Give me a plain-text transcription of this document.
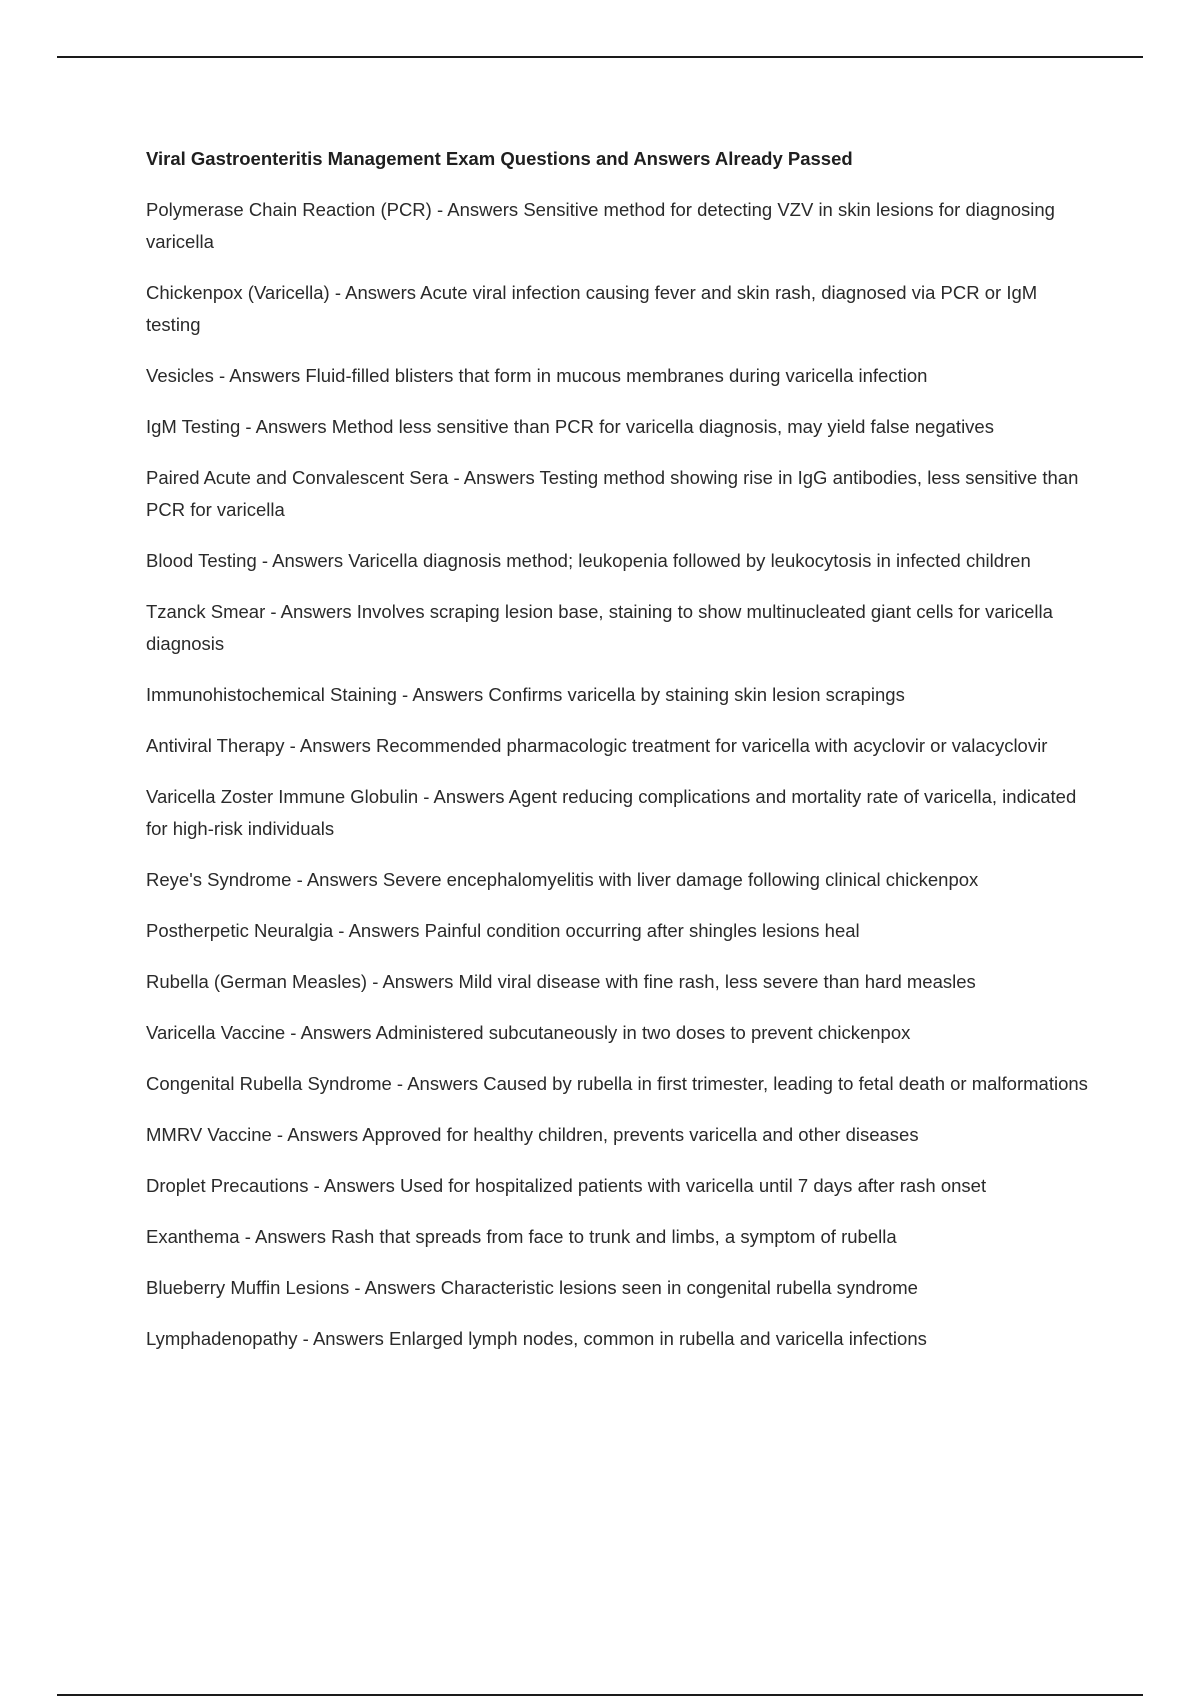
Viral Gastroenteritis Management Exam Questions and Answers Already Passed

Polymerase Chain Reaction (PCR) - Answers Sensitive method for detecting VZV in skin lesions for diagnosing varicella

Chickenpox (Varicella) - Answers Acute viral infection causing fever and skin rash, diagnosed via PCR or IgM testing

Vesicles - Answers Fluid-filled blisters that form in mucous membranes during varicella infection

IgM Testing - Answers Method less sensitive than PCR for varicella diagnosis, may yield false negatives

Paired Acute and Convalescent Sera - Answers Testing method showing rise in IgG antibodies, less sensitive than PCR for varicella

Blood Testing - Answers Varicella diagnosis method; leukopenia followed by leukocytosis in infected children

Tzanck Smear - Answers Involves scraping lesion base, staining to show multinucleated giant cells for varicella diagnosis

Immunohistochemical Staining - Answers Confirms varicella by staining skin lesion scrapings

Antiviral Therapy - Answers Recommended pharmacologic treatment for varicella with acyclovir or valacyclovir

Varicella Zoster Immune Globulin - Answers Agent reducing complications and mortality rate of varicella, indicated for high-risk individuals

Reye's Syndrome - Answers Severe encephalomyelitis with liver damage following clinical chickenpox

Postherpetic Neuralgia - Answers Painful condition occurring after shingles lesions heal

Rubella (German Measles) - Answers Mild viral disease with fine rash, less severe than hard measles

Varicella Vaccine - Answers Administered subcutaneously in two doses to prevent chickenpox

Congenital Rubella Syndrome - Answers Caused by rubella in first trimester, leading to fetal death or malformations

MMRV Vaccine - Answers Approved for healthy children, prevents varicella and other diseases

Droplet Precautions - Answers Used for hospitalized patients with varicella until 7 days after rash onset

Exanthema - Answers Rash that spreads from face to trunk and limbs, a symptom of rubella

Blueberry Muffin Lesions - Answers Characteristic lesions seen in congenital rubella syndrome

Lymphadenopathy - Answers Enlarged lymph nodes, common in rubella and varicella infections
